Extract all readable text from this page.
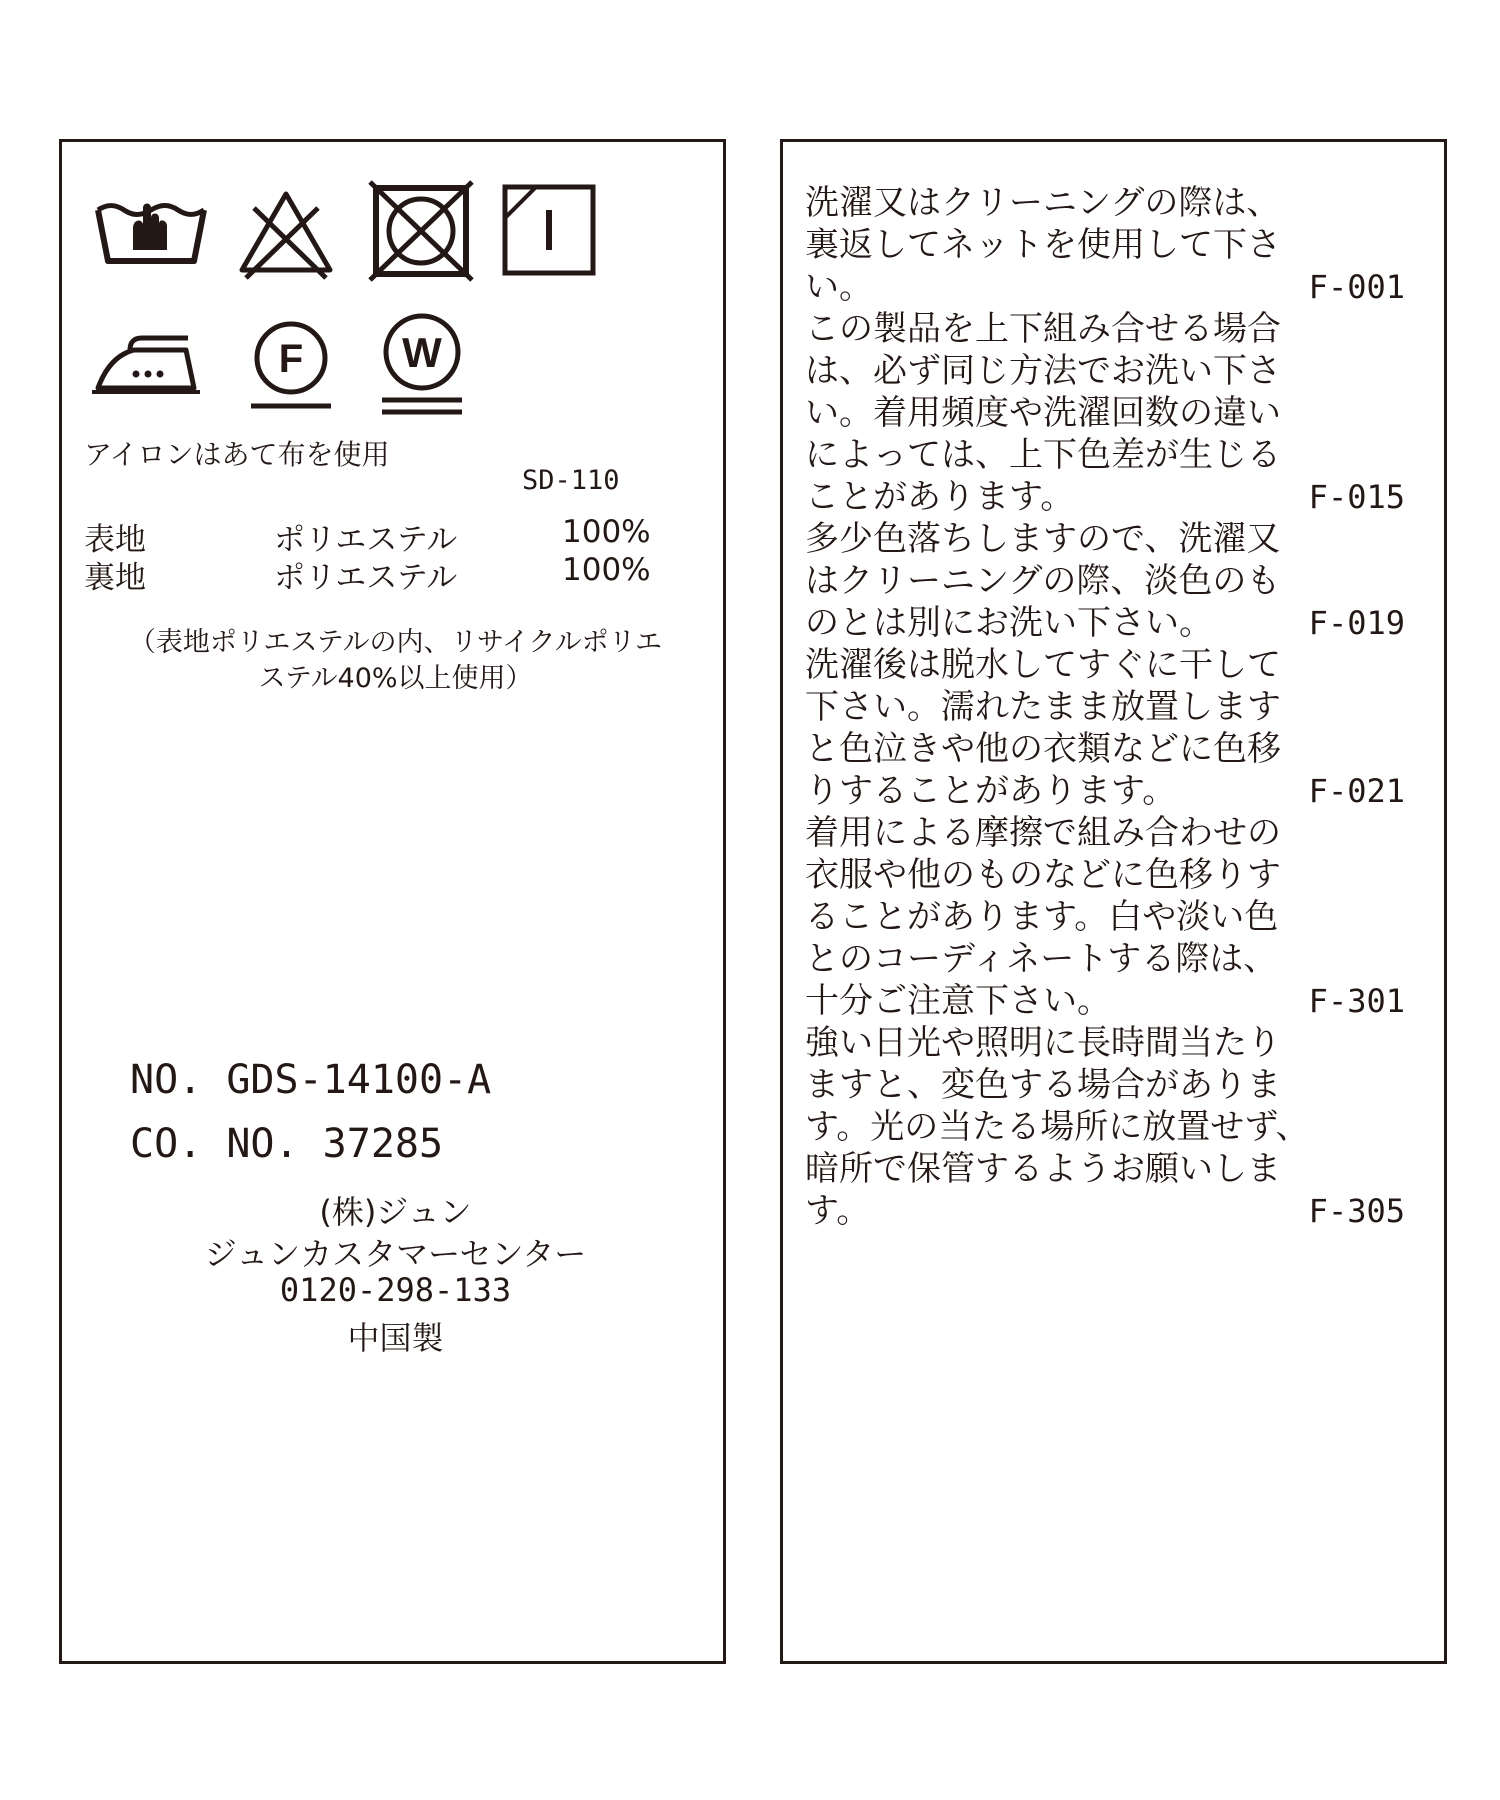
F W
アイロンはあて布を使用
SD-110
表地	ポリエステル	100%
裏地	ポリエステル	100%
（表地ポリエステルの内、リサイクルポリエ
ステル40%以上使用）
NO. GDS-14100-A
CO. NO. 37285
(株)ジュン
ジュンカスタマーセンター
0120-298-133
中国製
洗濯又はクリーニングの際は、
裏返してネットを使用して下さ
い。	F-001
この製品を上下組み合せる場合
は、必ず同じ方法でお洗い下さ
い。着用頻度や洗濯回数の違い
によっては、上下色差が生じる
ことがあります。	F-015
多少色落ちしますので、洗濯又
はクリーニングの際、淡色のも
のとは別にお洗い下さい。	F-019
洗濯後は脱水してすぐに干して
下さい。濡れたまま放置します
と色泣きや他の衣類などに色移
りすることがあります。	F-021
着用による摩擦で組み合わせの
衣服や他のものなどに色移りす
ることがあります。白や淡い色
とのコーディネートする際は、
十分ご注意下さい。	F-301
強い日光や照明に長時間当たり
ますと、変色する場合がありま
す。光の当たる場所に放置せず、
暗所で保管するようお願いしま
す。	F-305
